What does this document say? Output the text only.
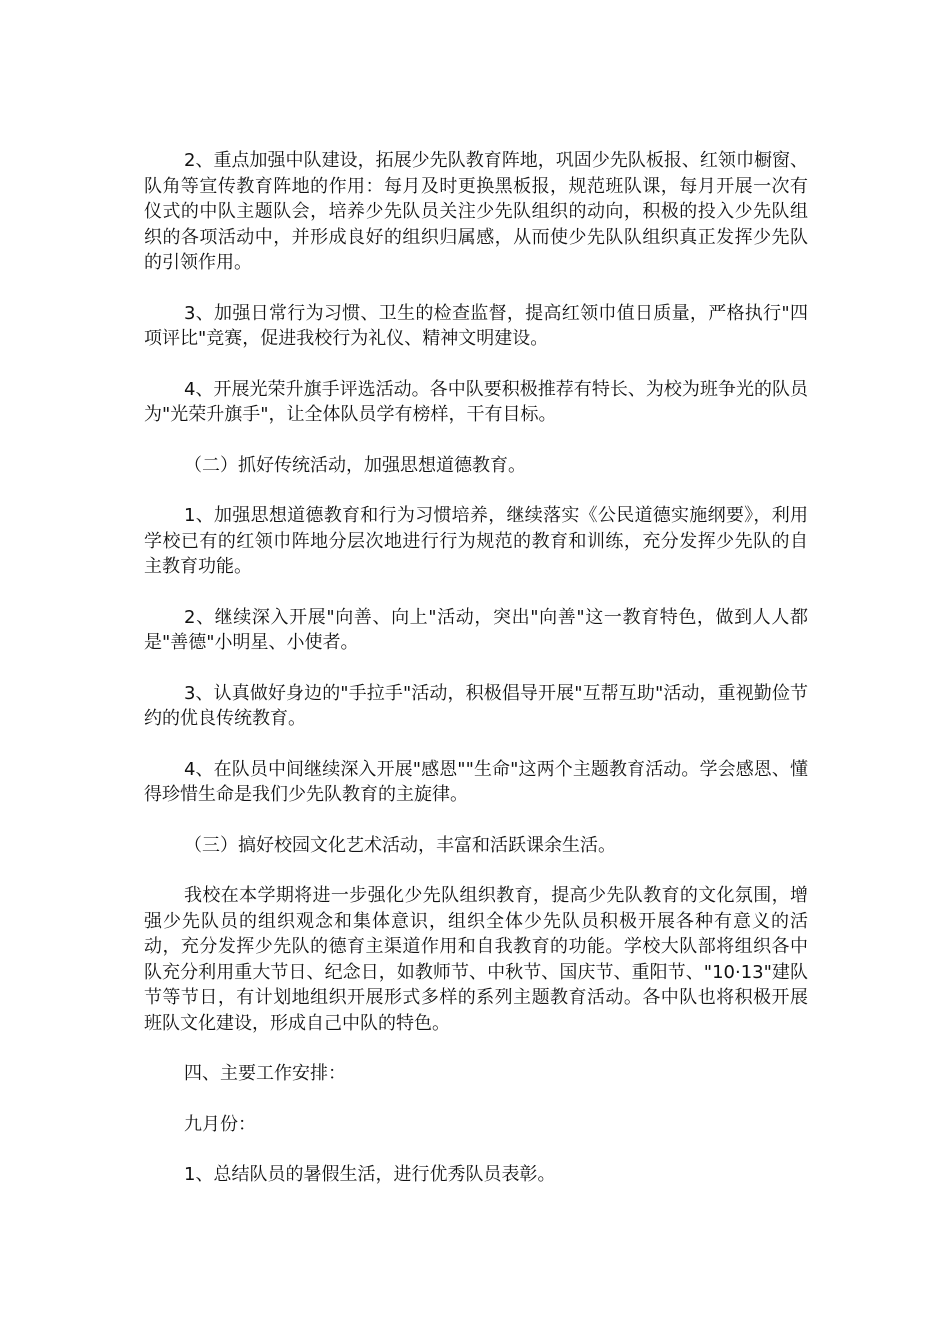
2、重点加强中队建设，拓展少先队教育阵地，巩固少先队板报、红领巾橱窗、队角等宣传教育阵地的作用：每月及时更换黑板报，规范班队课，每月开展一次有仪式的中队主题队会，培养少先队员关注少先队组织的动向，积极的投入少先队组织的各项活动中，并形成良好的组织归属感，从而使少先队队组织真正发挥少先队的引领作用。

3、加强日常行为习惯、卫生的检查监督，提高红领巾值日质量，严格执行"四项评比"竞赛，促进我校行为礼仪、精神文明建设。

4、开展光荣升旗手评选活动。各中队要积极推荐有特长、为校为班争光的队员为"光荣升旗手"，让全体队员学有榜样，干有目标。

（二）抓好传统活动，加强思想道德教育。

1、加强思想道德教育和行为习惯培养，继续落实《公民道德实施纲要》，利用学校已有的红领巾阵地分层次地进行行为规范的教育和训练，充分发挥少先队的自主教育功能。

2、继续深入开展"向善、向上"活动，突出"向善"这一教育特色，做到人人都是"善德"小明星、小使者。

3、认真做好身边的"手拉手"活动，积极倡导开展"互帮互助"活动，重视勤俭节约的优良传统教育。

4、在队员中间继续深入开展"感恩""生命"这两个主题教育活动。学会感恩、懂得珍惜生命是我们少先队教育的主旋律。

（三）搞好校园文化艺术活动，丰富和活跃课余生活。

我校在本学期将进一步强化少先队组织教育，提高少先队教育的文化氛围，增强少先队员的组织观念和集体意识，组织全体少先队员积极开展各种有意义的活动，充分发挥少先队的德育主渠道作用和自我教育的功能。学校大队部将组织各中队充分利用重大节日、纪念日，如教师节、中秋节、国庆节、重阳节、"10·13"建队节等节日，有计划地组织开展形式多样的系列主题教育活动。各中队也将积极开展班队文化建设，形成自己中队的特色。

四、主要工作安排：

九月份：

1、总结队员的暑假生活，进行优秀队员表彰。
